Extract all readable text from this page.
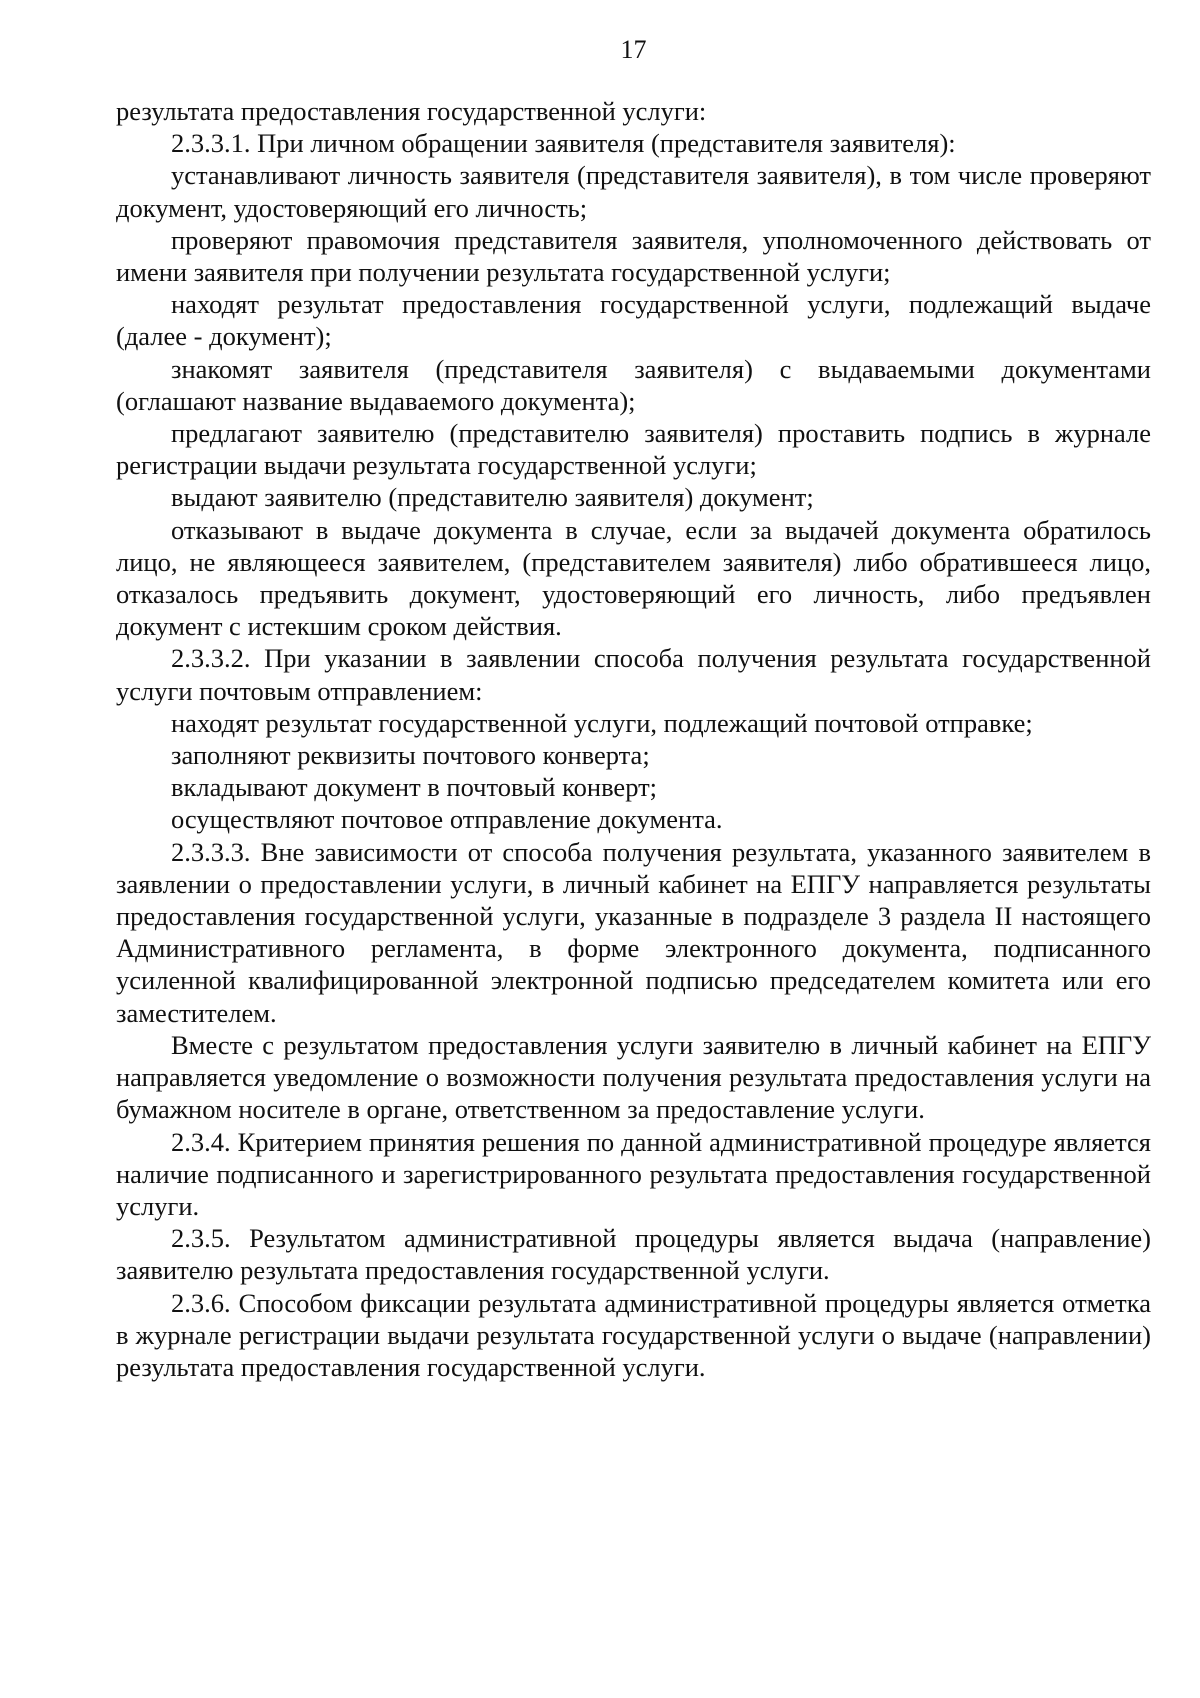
17

результата предоставления государственной услуги:

2.3.3.1. При личном обращении заявителя (представителя заявителя):

устанавливают личность заявителя (представителя заявителя), в том числе проверяют документ, удостоверяющий его личность;

проверяют правомочия представителя заявителя, уполномоченного действовать от имени заявителя при получении результата государственной услуги;

находят результат предоставления государственной услуги, подлежащий выдаче (далее - документ);

знакомят заявителя (представителя заявителя) с выдаваемыми документами (оглашают название выдаваемого документа);

предлагают заявителю (представителю заявителя) проставить подпись в журнале регистрации выдачи результата государственной услуги;

выдают заявителю (представителю заявителя) документ;

отказывают в выдаче документа в случае, если за выдачей документа обратилось лицо, не являющееся заявителем, (представителем заявителя) либо обратившееся лицо, отказалось предъявить документ, удостоверяющий его личность, либо предъявлен документ с истекшим сроком действия.

2.3.3.2. При указании в заявлении способа получения результата государственной услуги почтовым отправлением:

находят результат государственной услуги, подлежащий почтовой отправке;

заполняют реквизиты почтового конверта;

вкладывают документ в почтовый конверт;

осуществляют почтовое отправление документа.

2.3.3.3. Вне зависимости от способа получения результата, указанного заявителем в заявлении о предоставлении услуги, в личный кабинет на ЕПГУ направляется результаты предоставления государственной услуги, указанные в подразделе 3 раздела II настоящего Административного регламента, в форме электронного документа, подписанного усиленной квалифицированной электронной подписью председателем комитета или его заместителем.

Вместе с результатом предоставления услуги заявителю в личный кабинет на ЕПГУ направляется уведомление о возможности получения результата предоставления услуги на бумажном носителе в органе, ответственном за предоставление услуги.

2.3.4. Критерием принятия решения по данной административной процедуре является наличие подписанного и зарегистрированного результата предоставления государственной услуги.

2.3.5. Результатом административной процедуры является выдача (направление) заявителю результата предоставления государственной услуги.

2.3.6. Способом фиксации результата административной процедуры является отметка в журнале регистрации выдачи результата государственной услуги о выдаче (направлении) результата предоставления государственной услуги.
